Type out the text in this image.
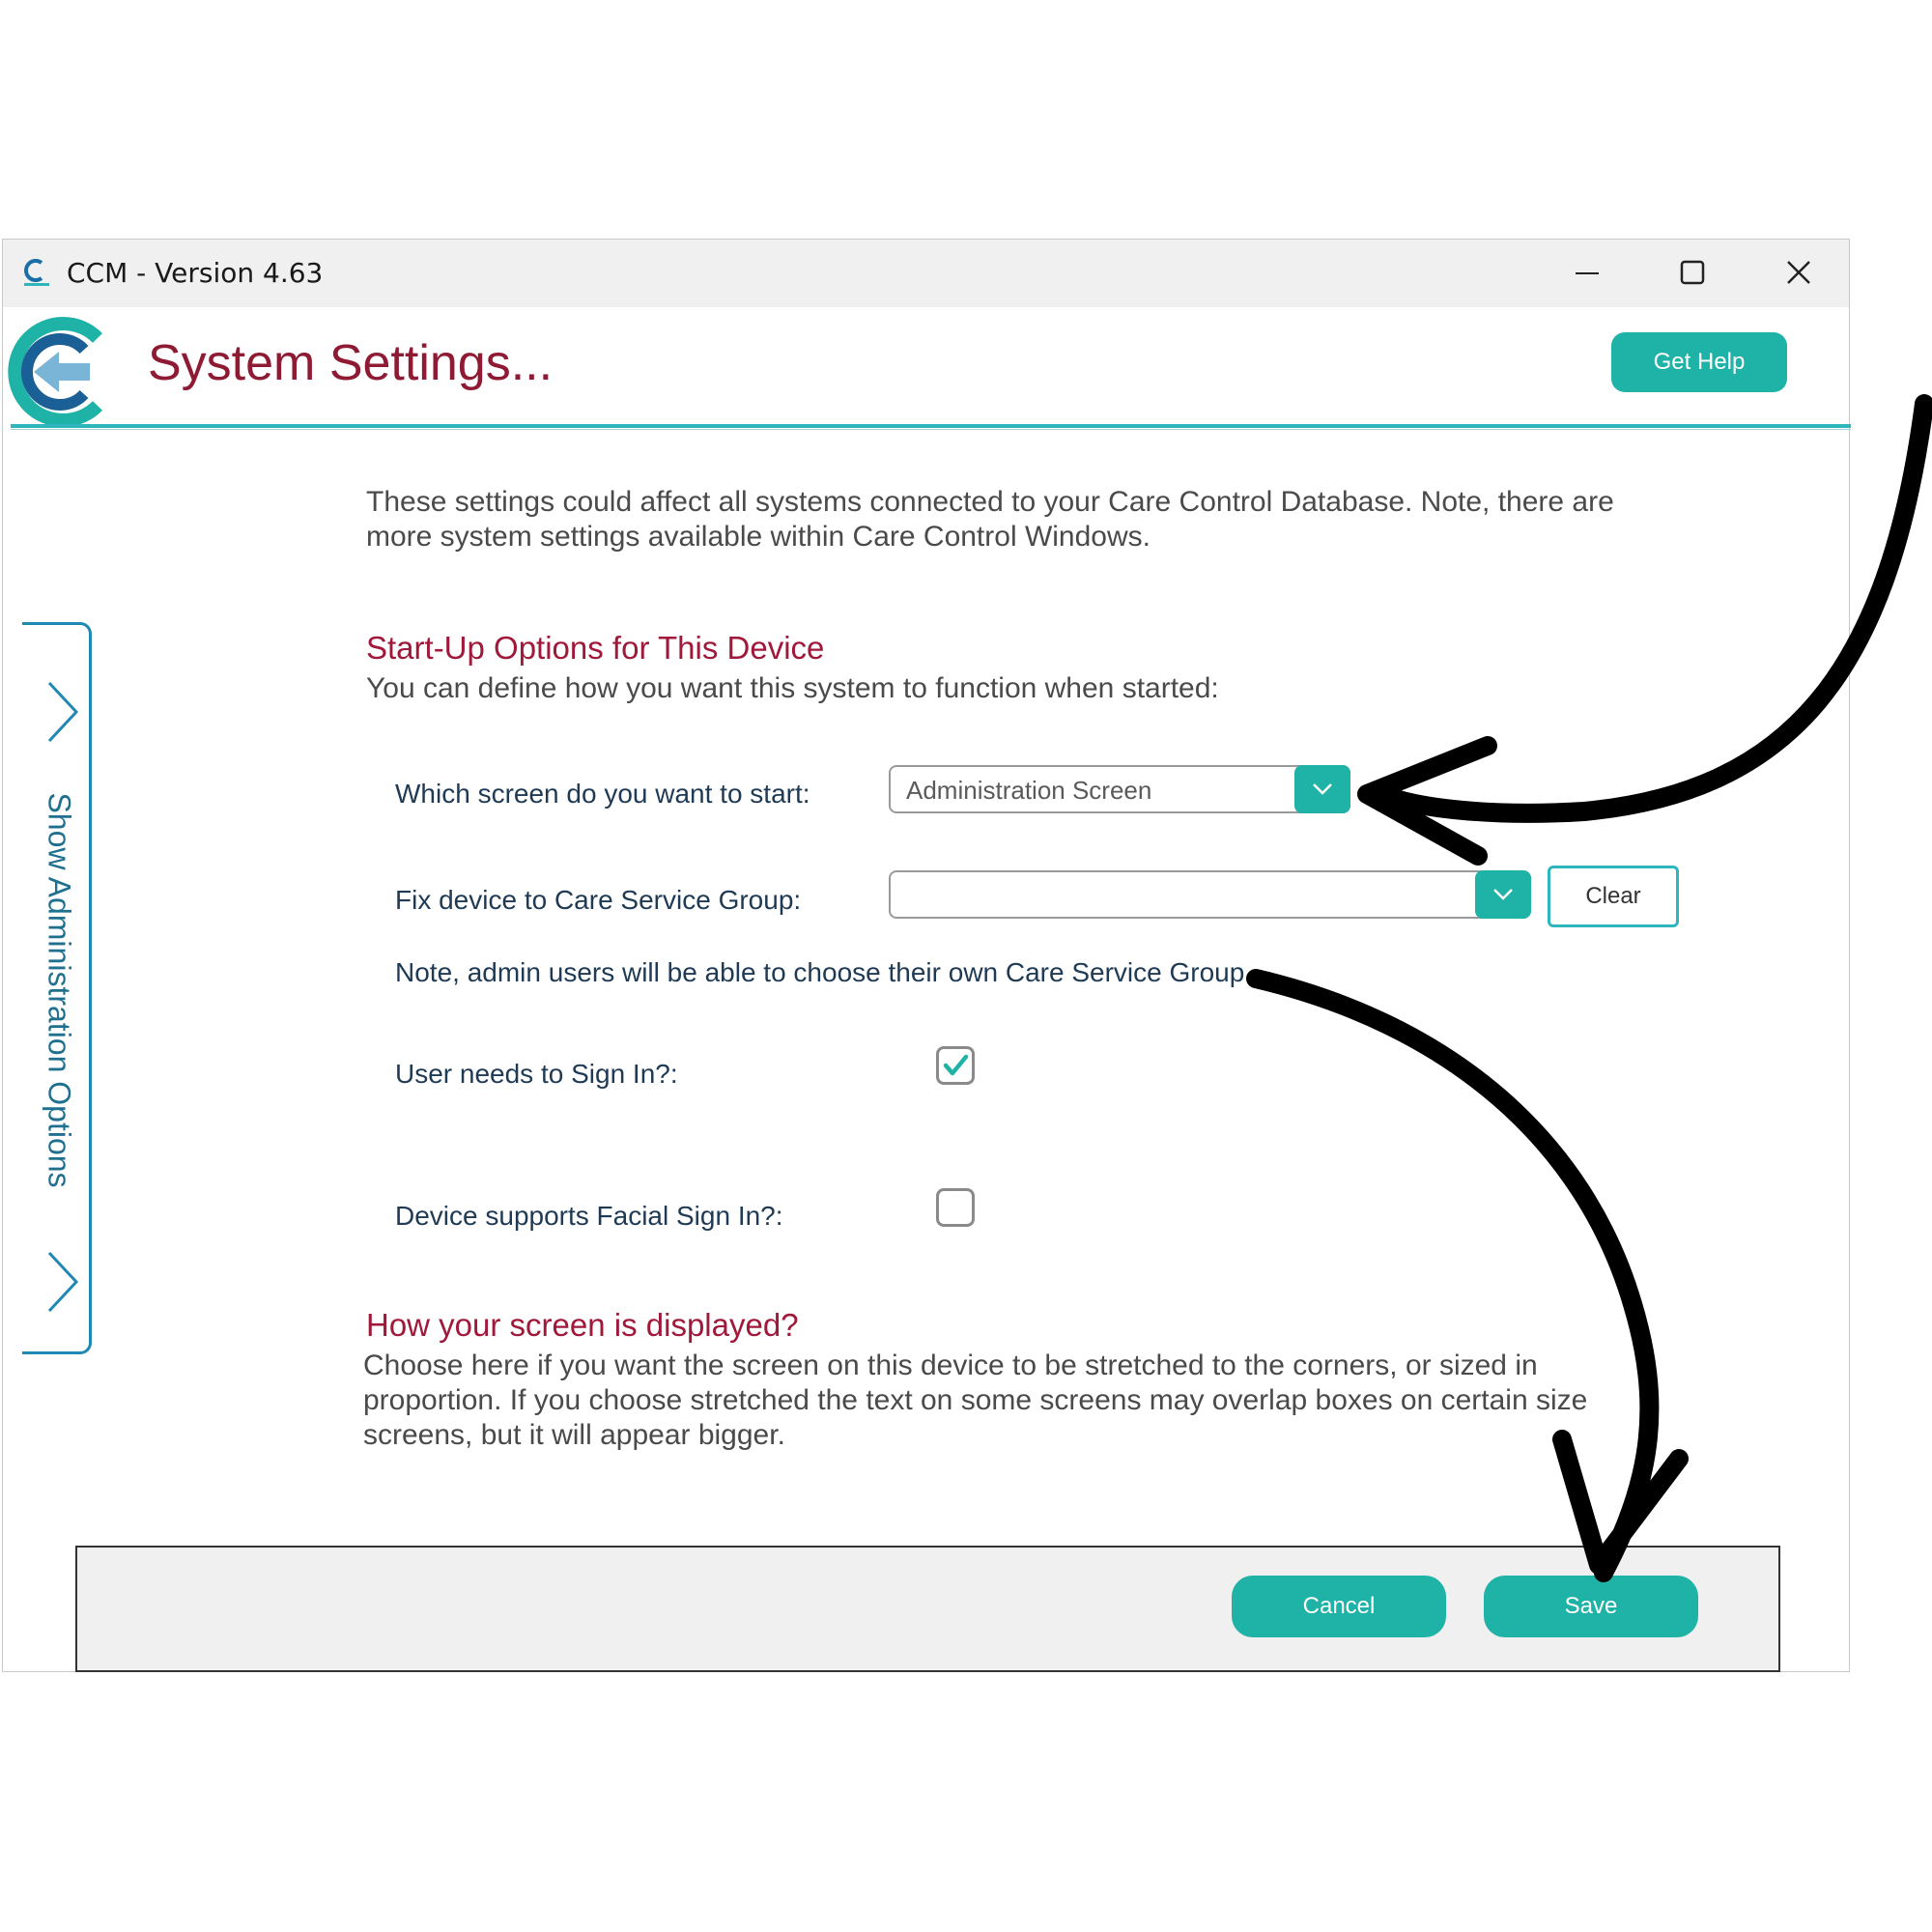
CCM - Version 4.63
System Settings...	Get Help
Show Administration Options
These settings could affect all systems connected to your Care Control Database. Note, there are more system settings available within Care Control Windows.
Start-Up Options for This Device
You can define how you want this system to function when started:
Which screen do you want to start:	Administration Screen
Fix device to Care Service Group:
Note, admin users will be able to choose their own Care Service Group.
User needs to Sign In?:
Device supports Facial Sign In?:
How your screen is displayed?
Clear
Choose here if you want the screen on this device to be stretched to the corners, or sized in proportion. If you choose stretched the text on some screens may overlap boxes on certain size screens, but it will appear bigger.
Cancel	Save
